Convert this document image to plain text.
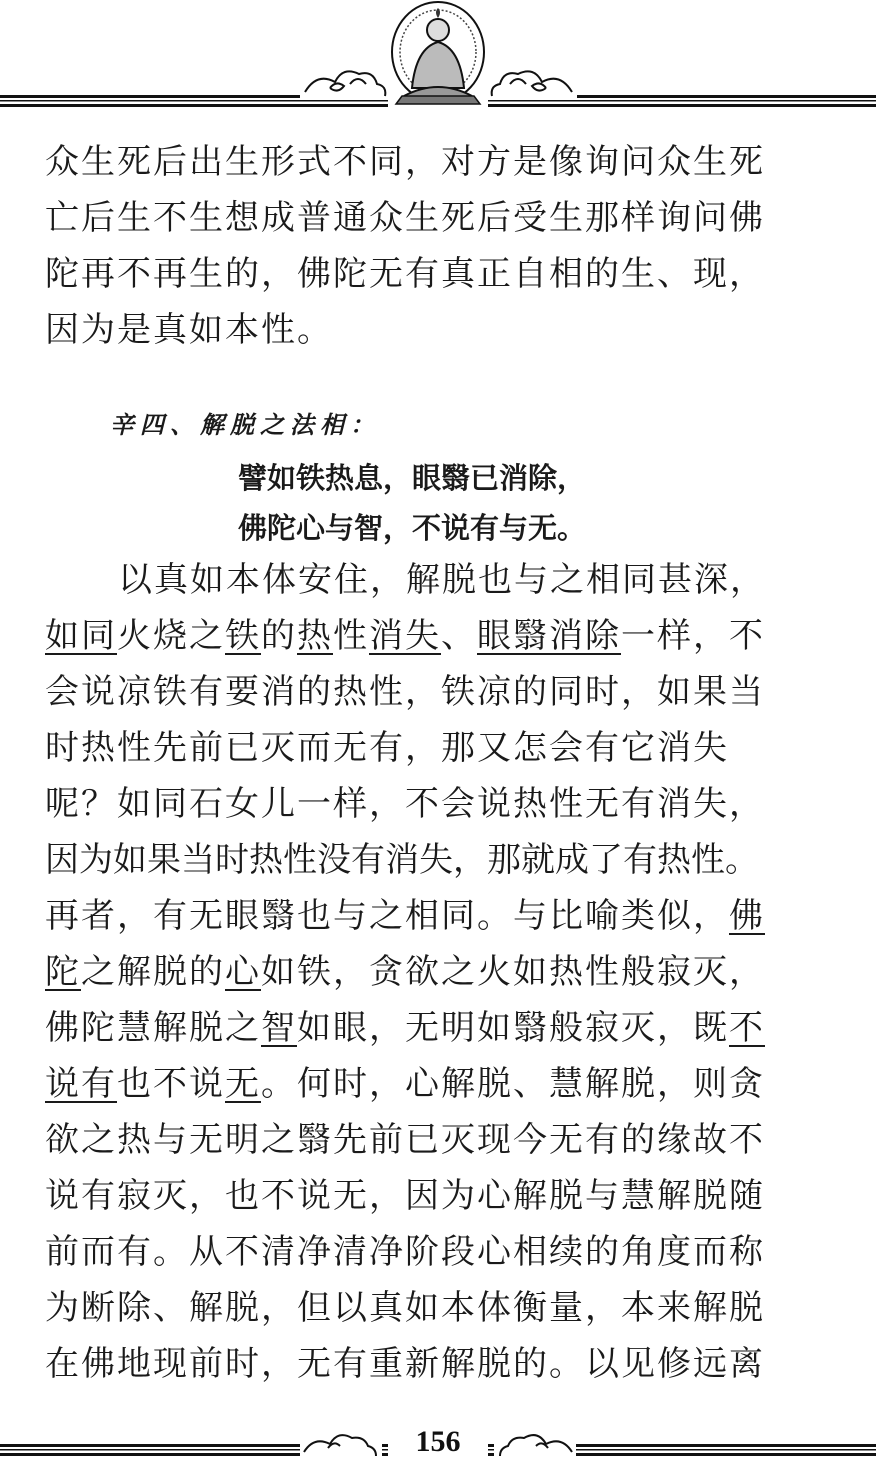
众生死后出生形式不同，对方是像询问众生死
亡后生不生想成普通众生死后受生那样询问佛
陀再不再生的，佛陀无有真正自相的生、现，
因为是真如本性。
辛四、解脱之法相：
譬如铁热息，眼翳已消除，
佛陀心与智，不说有与无。
以真如本体安住，解脱也与之相同甚深，
如同火烧之铁的热性消失、眼翳消除一样，不
会说凉铁有要消的热性，铁凉的同时，如果当
时热性先前已灭而无有，那又怎会有它消失
呢？如同石女儿一样，不会说热性无有消失，
因为如果当时热性没有消失，那就成了有热性。
再者，有无眼翳也与之相同。与比喻类似，佛
陀之解脱的心如铁，贪欲之火如热性般寂灭，
佛陀慧解脱之智如眼，无明如翳般寂灭，既不
说有也不说无。何时，心解脱、慧解脱，则贪
欲之热与无明之翳先前已灭现今无有的缘故不
说有寂灭，也不说无，因为心解脱与慧解脱随
前而有。从不清净清净阶段心相续的角度而称
为断除、解脱，但以真如本体衡量，本来解脱
在佛地现前时，无有重新解脱的。以见修远离
156
